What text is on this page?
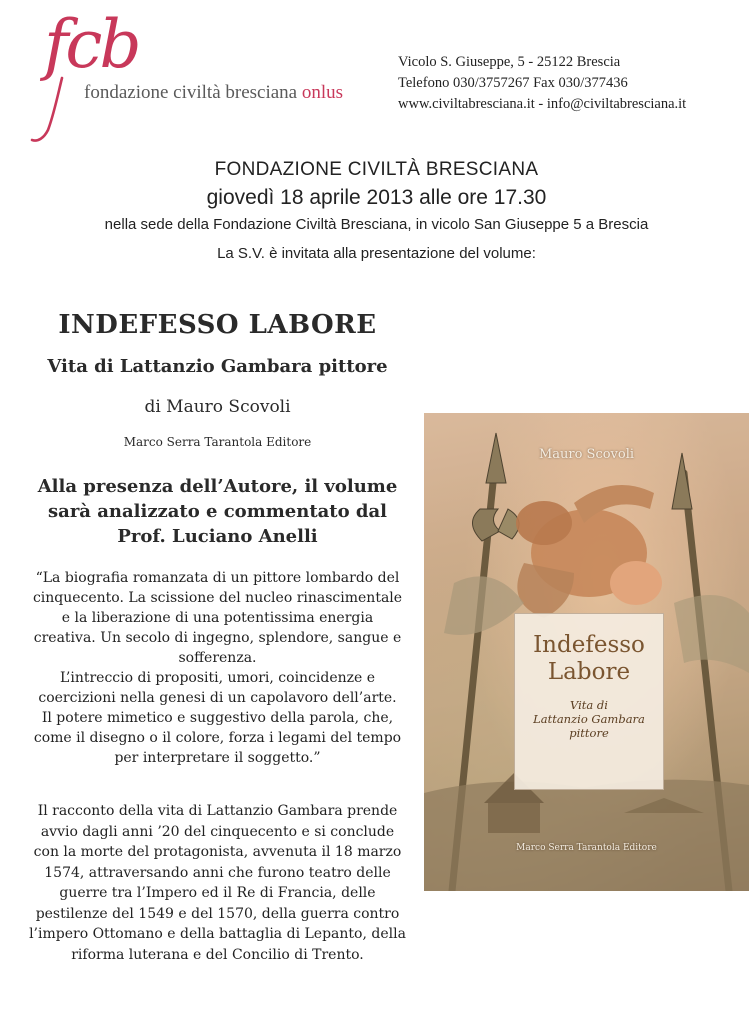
fcb
fondazione civiltà bresciana onlus
Vicolo S. Giuseppe, 5 - 25122 Brescia
Telefono 030/3757267 Fax 030/377436
www.civiltabresciana.it - info@civiltabresciana.it
FONDAZIONE CIVILTÀ BRESCIANA
giovedì 18 aprile 2013 alle ore 17.30
nella sede della Fondazione Civiltà Bresciana, in vicolo San Giuseppe 5 a Brescia
La S.V. è invitata alla presentazione del volume:
INDEFESSO LABORE
Vita di Lattanzio Gambara pittore
di Mauro Scovoli
Marco Serra Tarantola Editore
Alla presenza dell’Autore, il volume
sarà analizzato e commentato dal
Prof. Luciano Anelli
“La biografia romanzata di un pittore lombardo del
cinquecento. La scissione del nucleo rinascimentale
e la liberazione di una potentissima energia
creativa. Un secolo di ingegno, splendore, sangue e
sofferenza.
L’intreccio di propositi, umori, coincidenze e
coercizioni nella genesi di un capolavoro dell’arte.
Il potere mimetico e suggestivo della parola, che,
come il disegno o il colore, forza i legami del tempo
per interpretare il soggetto.”
Il racconto della vita di Lattanzio Gambara prende
avvio dagli anni ’20 del cinquecento e si conclude
con la morte del protagonista, avvenuta il 18 marzo
1574, attraversando anni che furono teatro delle
guerre tra l’Impero ed il Re di Francia, delle
pestilenze del 1549 e del 1570, della guerra contro
l’impero Ottomano e della battaglia di Lepanto, della
riforma luterana e del Concilio di Trento.
Mauro Scovoli
Indefesso
Labore
Vita di
Lattanzio Gambara
pittore
Marco Serra Tarantola Editore
